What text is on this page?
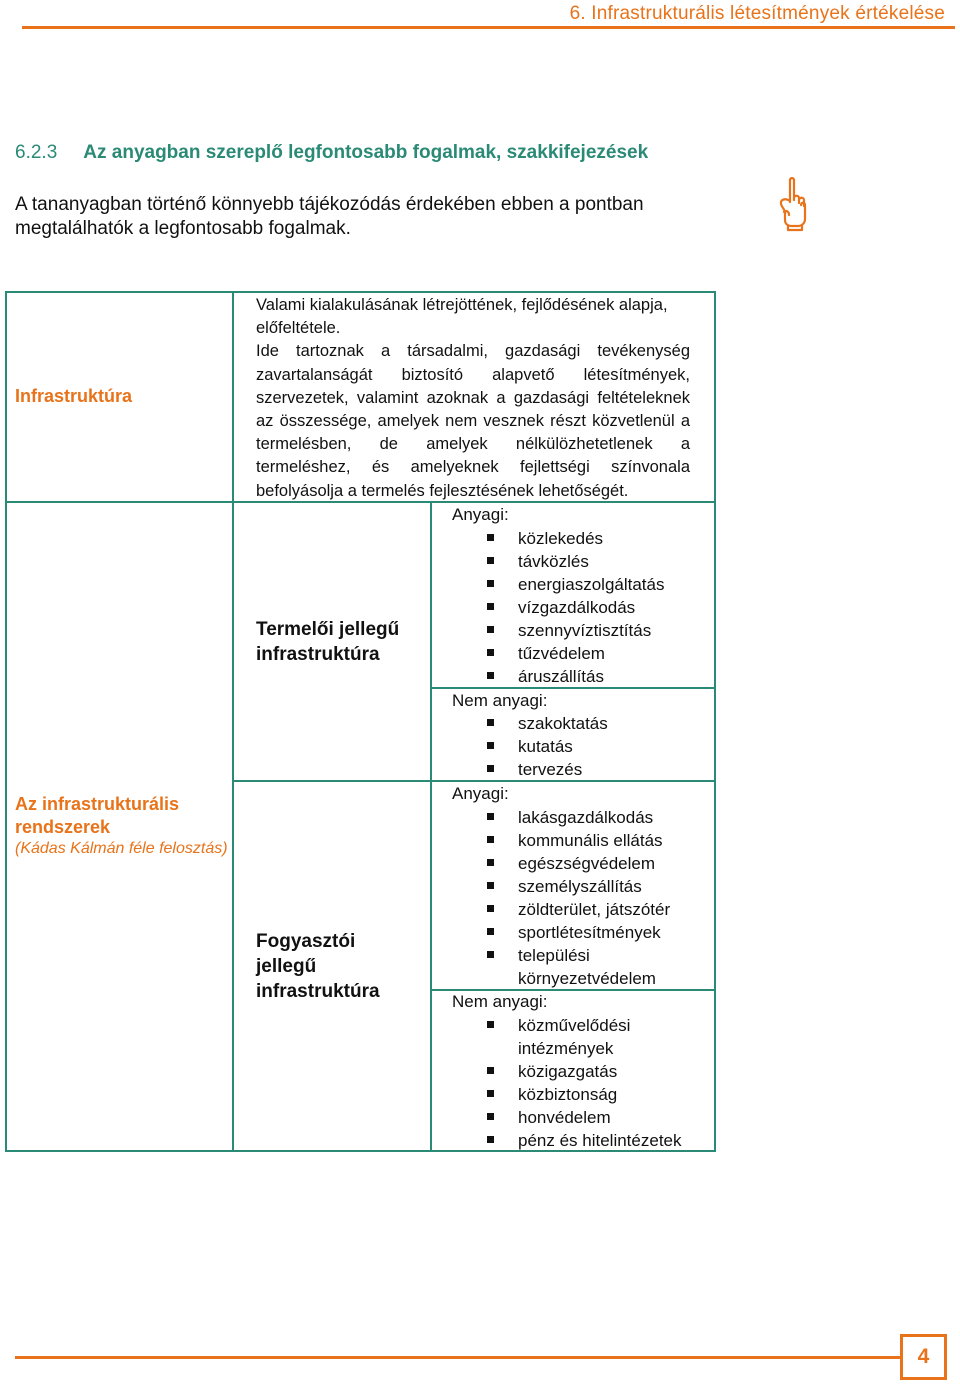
6. Infrastrukturális létesítmények értékelése
6.2.3 Az anyagban szereplő legfontosabb fogalmak, szakkifejezések
A tananyagban történő könnyebb tájékozódás érdekében ebben a pontban
megtalálhatók a legfontosabb fogalmak.
Infrastruktúra

Valami kialakulásának létrejöttének, fejlődésének alapja,

előfeltétele.

Ide tartoznak a társadalmi, gazdasági tevékenység zavartalanságát biztosító alapvető létesítmények, szervezetek, valamint azoknak a gazdasági feltételeknek az összessége, amelyek nem vesznek részt közvetlenül a termelésben, de amelyek nélkülözhetetlenek a termeléshez, és amelyeknek fejlettségi színvonala befolyásolja a termelés fejlesztésének lehetőségét.

Az infrastrukturális
rendszerek
(Kádas Kálmán féle felosztás)
Termelői jellegű
infrastruktúra
Fogyasztói
jellegű
infrastruktúra
Anyagi:
közlekedés
távközlés
energiaszolgáltatás
vízgazdálkodás
szennyvíztisztítás
tűzvédelem
áruszállítás
Nem anyagi:
szakoktatás
kutatás
tervezés
Anyagi:
lakásgazdálkodás
kommunális ellátás
egészségvédelem
személyszállítás
zöldterület, játszótér
sportlétesítmények
települési
környezetvédelem
Nem anyagi:
közművelődési
intézmények
közigazgatás
közbiztonság
honvédelem
pénz és hitelintézetek
4
